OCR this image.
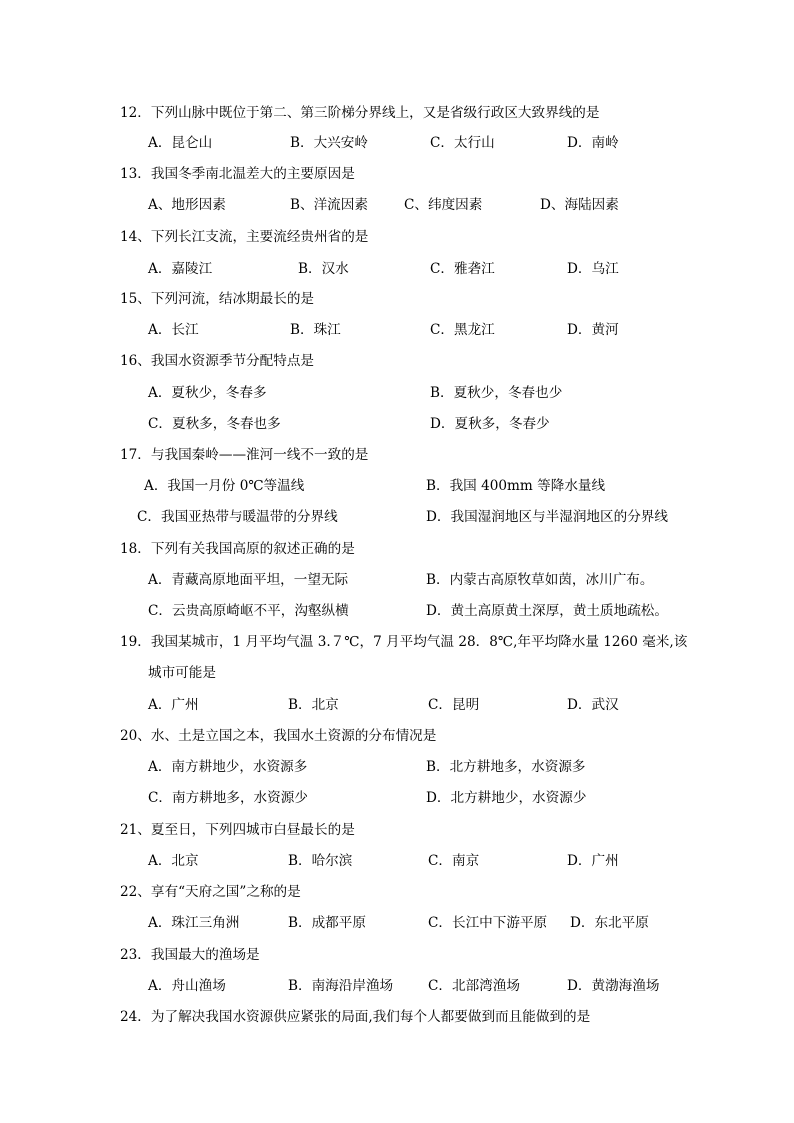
12．下列山脉中既位于第二、第三阶梯分界线上，又是省级行政区大致界线的是
A．昆仑山	B．大兴安岭	C．太行山	D．南岭
13．我国冬季南北温差大的主要原因是
A、地形因素	B、洋流因素	C、纬度因素	D、海陆因素
14、下列长江支流，主要流经贵州省的是
A．嘉陵江	B．汉水	C．雅砻江	D．乌江
15、下列河流，结冰期最长的是
A．长江	B．珠江	C．黑龙江	D．黄河
16、我国水资源季节分配特点是
A．夏秋少，冬春多	B．夏秋少，冬春也少
C．夏秋多，冬春也多	D．夏秋多，冬春少
17．与我国秦岭——淮河一线不一致的是
A．我国一月份 0℃等温线	B．我国 400mm 等降水量线
C．我国亚热带与暖温带的分界线	D．我国湿润地区与半湿润地区的分界线
18．下列有关我国高原的叙述正确的是
A．青藏高原地面平坦，一望无际	B．内蒙古高原牧草如茵，冰川广布。
C．云贵高原崎岖不平，沟壑纵横	D．黄土高原黄土深厚，黄土质地疏松。
19．我国某城市，1 月平均气温 3.７℃，7 月平均气温 28．8℃,年平均降水量 1260 毫米,该
城市可能是
A．广州	B．北京	C．昆明	D．武汉
20、水、土是立国之本，我国水土资源的分布情况是
A．南方耕地少，水资源多	B．北方耕地多，水资源多
C．南方耕地多，水资源少	D．北方耕地少，水资源少
21、夏至日，下列四城市白昼最长的是
A．北京	B．哈尔滨	C．南京	D．广州
22、享有“天府之国”之称的是
A．珠江三角洲	B．成都平原	C．长江中下游平原 D．东北平原
23．我国最大的渔场是
A．舟山渔场	B．南海沿岸渔场	C．北部湾渔场	D．黄渤海渔场
24．为了解决我国水资源供应紧张的局面,我们每个人都要做到而且能做到的是
